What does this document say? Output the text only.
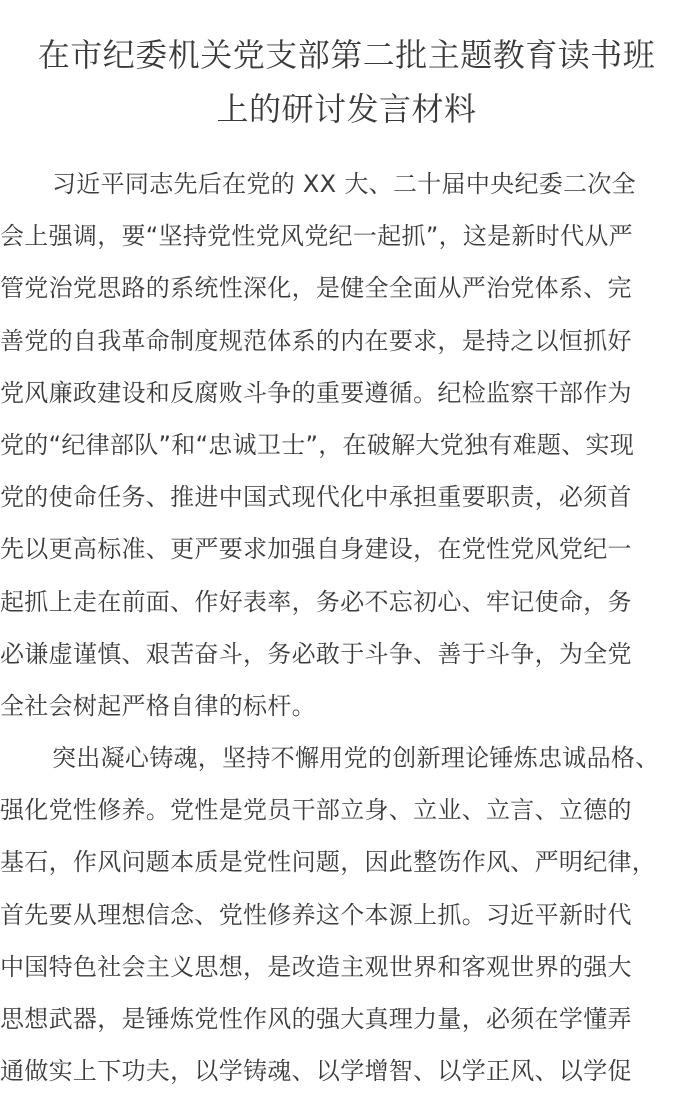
在市纪委机关党支部第二批主题教育读书班
上的研讨发言材料
习近平同志先后在党的 XX 大、二十届中央纪委二次全
会上强调，要“坚持党性党风党纪一起抓”，这是新时代从严
管党治党思路的系统性深化，是健全全面从严治党体系、完
善党的自我革命制度规范体系的内在要求，是持之以恒抓好
党风廉政建设和反腐败斗争的重要遵循。纪检监察干部作为
党的“纪律部队”和“忠诚卫士”，在破解大党独有难题、实现
党的使命任务、推进中国式现代化中承担重要职责，必须首
先以更高标准、更严要求加强自身建设，在党性党风党纪一
起抓上走在前面、作好表率，务必不忘初心、牢记使命，务
必谦虚谨慎、艰苦奋斗，务必敢于斗争、善于斗争，为全党
全社会树起严格自律的标杆。
突出凝心铸魂，坚持不懈用党的创新理论锤炼忠诚品格、
强化党性修养。党性是党员干部立身、立业、立言、立德的
基石，作风问题本质是党性问题，因此整饬作风、严明纪律，
首先要从理想信念、党性修养这个本源上抓。习近平新时代
中国特色社会主义思想，是改造主观世界和客观世界的强大
思想武器，是锤炼党性作风的强大真理力量，必须在学懂弄
通做实上下功夫，以学铸魂、以学增智、以学正风、以学促
